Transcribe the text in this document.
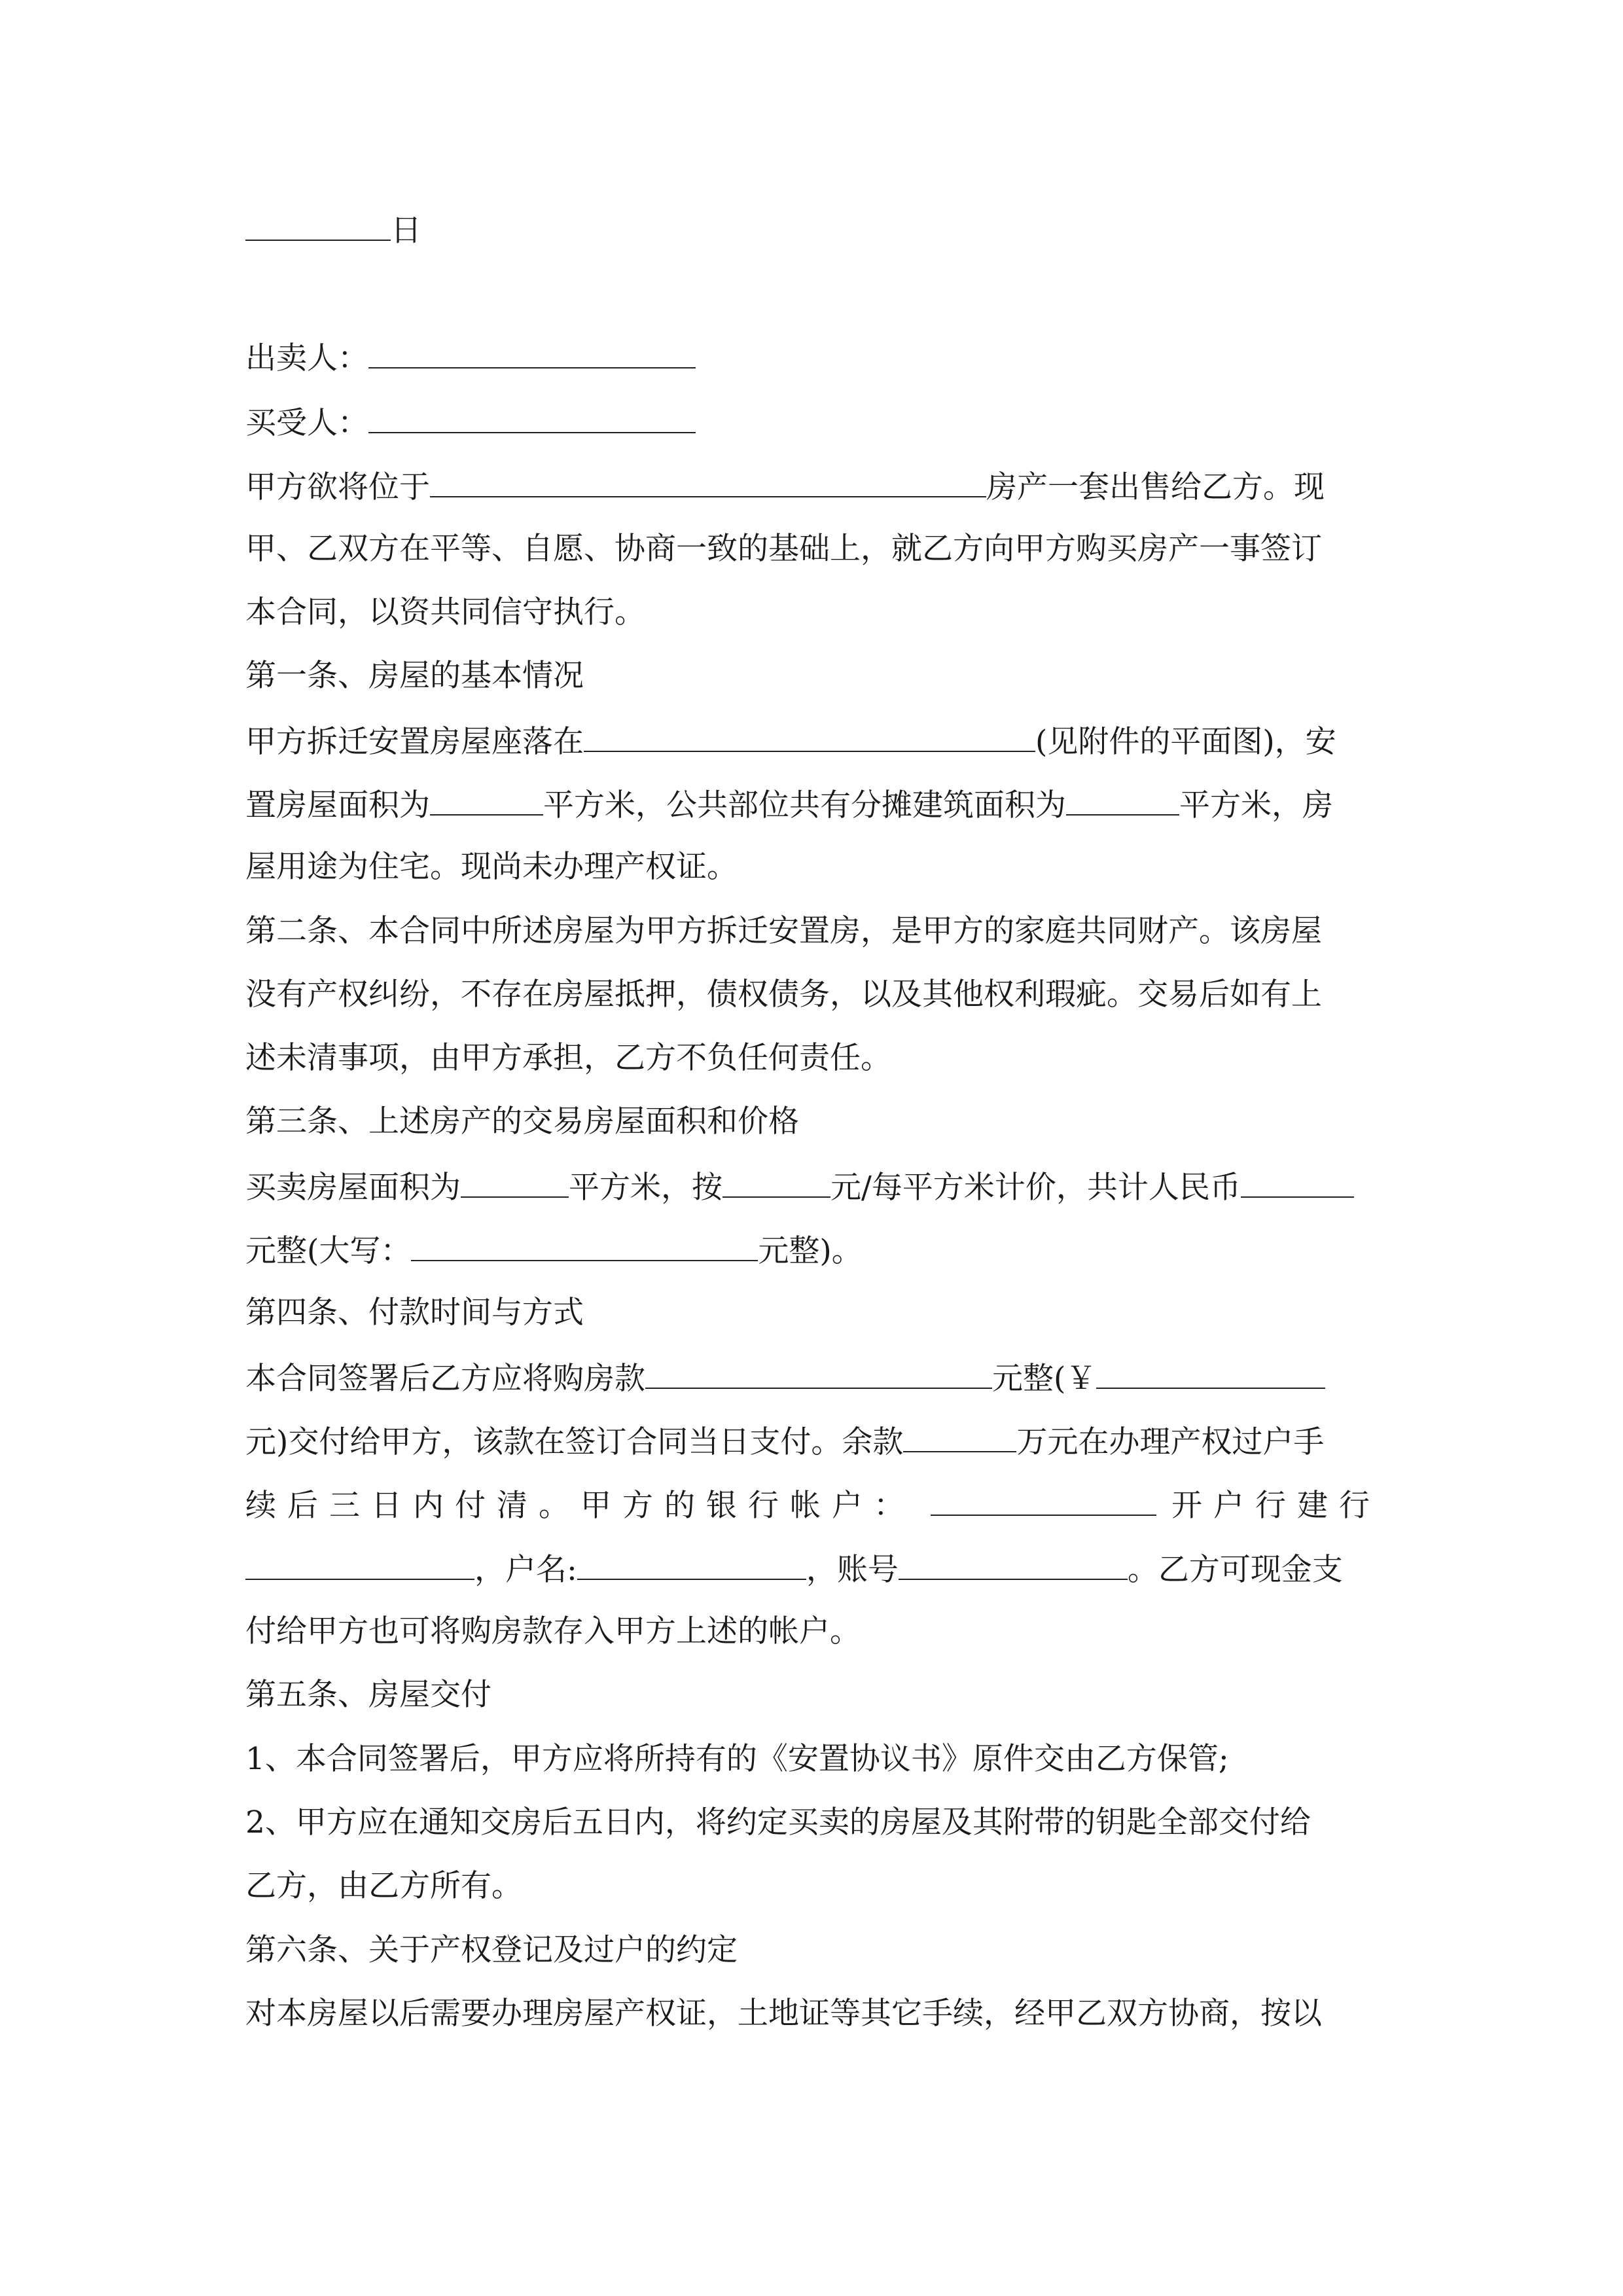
日
出卖人：
买受人：
甲方欲将位于	房产一套出售给乙方。现
甲、乙双方在平等、自愿、协商一致的基础上，就乙方向甲方购买房产一事签订
本合同，以资共同信守执行。
第一条、房屋的基本情况
甲方拆迁安置房屋座落在	(见附件的平面图)，安
置房屋面积为	平方米，公共部位共有分摊建筑面积为	平方米，房
屋用途为住宅。现尚未办理产权证。
第二条、本合同中所述房屋为甲方拆迁安置房，是甲方的家庭共同财产。该房屋
没有产权纠纷，不存在房屋抵押，债权债务，以及其他权利瑕疵。交易后如有上
述未清事项，由甲方承担，乙方不负任何责任。
第三条、上述房产的交易房屋面积和价格
买卖房屋面积为	平方米，按	元/每平方米计价，共计人民币
元整(大写：	元整)。
第四条、付款时间与方式
本合同签署后乙方应将购房款	元整(￥
元)交付给甲方，该款在签订合同当日支付。余款	万元在办理产权过户手
续后三日内付清。甲方的银行帐户：	开户行建行
，户名:	，账号	。乙方可现金支
付给甲方也可将购房款存入甲方上述的帐户。
第五条、房屋交付
1、本合同签署后，甲方应将所持有的《安置协议书》原件交由乙方保管;
2、甲方应在通知交房后五日内，将约定买卖的房屋及其附带的钥匙全部交付给
乙方，由乙方所有。
第六条、关于产权登记及过户的约定
对本房屋以后需要办理房屋产权证，土地证等其它手续，经甲乙双方协商，按以
